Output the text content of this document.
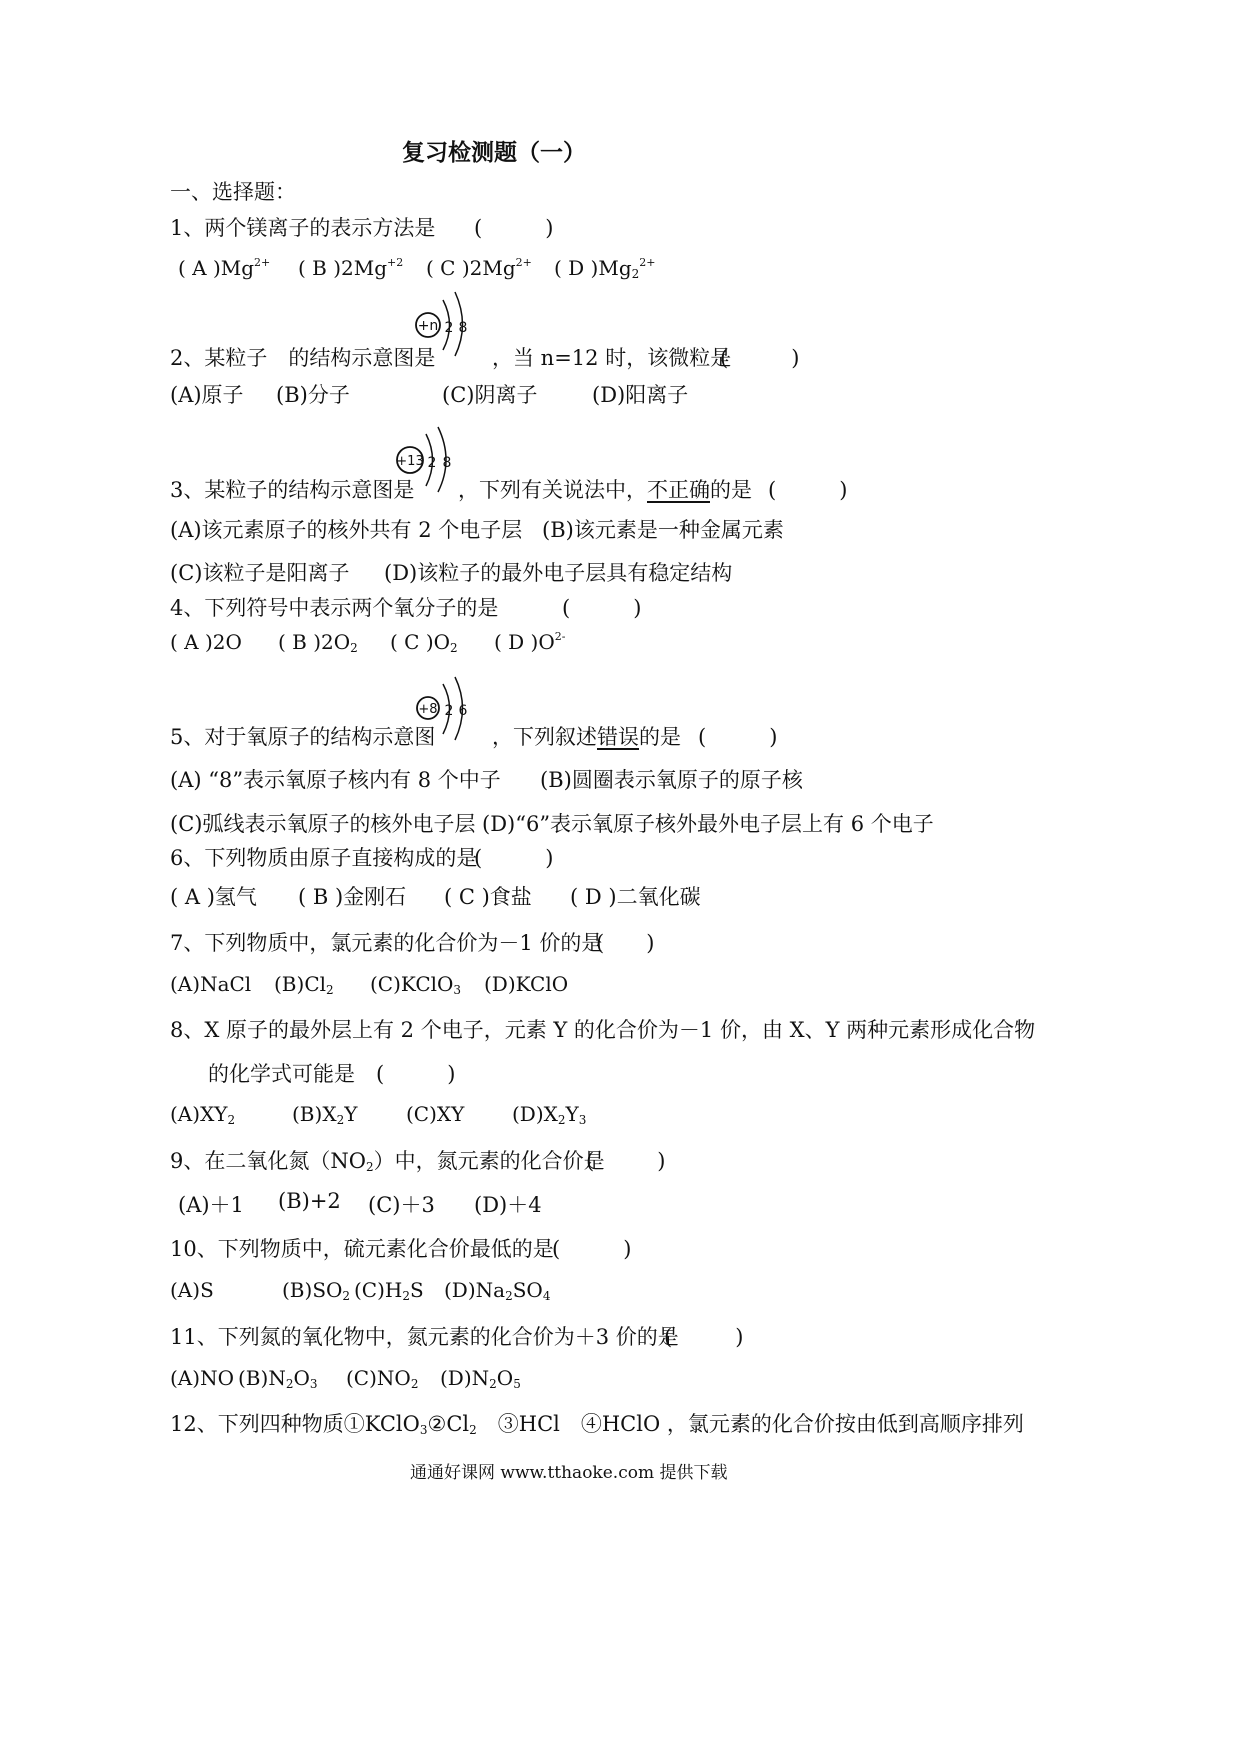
复习检测题（一）
一、选择题：
1、两个镁离子的表示方法是 (　　　)
( A )$Mg^{2+}$ ( B )$2Mg^{+2}$ ( C )$2Mg^{2+}$ ( D )$Mg_2^{2+}$
+n 2 8
2、某粒子　的结构示意图是	，当 n=12 时，该微粒是
(　　　)
(A)原子 (B)分子	(C)阴离子	(D)阳离子
+13 2 8
3、某粒子的结构示意图是 ，下列有关说法中，不正确的是 (　　　)
(A)该元素原子的核外共有 2 个电子层 (B)该元素是一种金属元素
(C)该粒子是阳离子 (D)该粒子的最外电子层具有稳定结构
4、下列符号中表示两个氧分子的是	(　　　)
( A )2O ( B )$2O_2$ ( C )$O_2$ ( D )$O^{2-}$
+8 2 6
5、对于氧原子的结构示意图	，下列叙述错误的是 (　　　)
(A) “8”表示氧原子核内有 8 个中子 (B)圆圈表示氧原子的原子核
(C)弧线表示氧原子的核外电子层 (D)“6”表示氧原子核外最外电子层上有 6 个电子
6、下列物质由原子直接构成的是
(　　　)
( A )氢气 ( B )金刚石 ( C )食盐 ( D )二氧化碳
7、下列物质中，氯元素的化合价为－1 价的是
(　　)
(A)NaCl $(B)Cl_2$ (C)KClO$_3$ (D)KClO
8、X 原子的最外层上有 2 个电子，元素 Y 的化合价为－1 价，由 X、Y 两种元素形成化合物
的化学式可能是 (　　　)
$(A)XY_2$	$(B)X_2Y$ (C)XY $(D)X_2Y_3$
9、在二氧化氮$(NO_2)$中，氮元素的化合价是
(　　　)
(A)＋1 (B)+2 (C)＋3 (D)＋4
10、下列物质中，硫元素化合价最低的是
(　　　)
(A)S	$(B)SO_2$ $(C)H_2S$ $(D)Na_2SO_4$
11、下列氮的氧化物中，氮元素的化合价为＋3 价的是
(　　　)
(A)NO $(B)N_2O_3$ $(C)NO_2$ $(D)N_2O_5$
12、下列四种物质$①KClO_3②Cl_2$　③HCl　④HClO ，氯元素的化合价按由低到高顺序排列
通通好课网 www.tthaoke.com 提供下载
